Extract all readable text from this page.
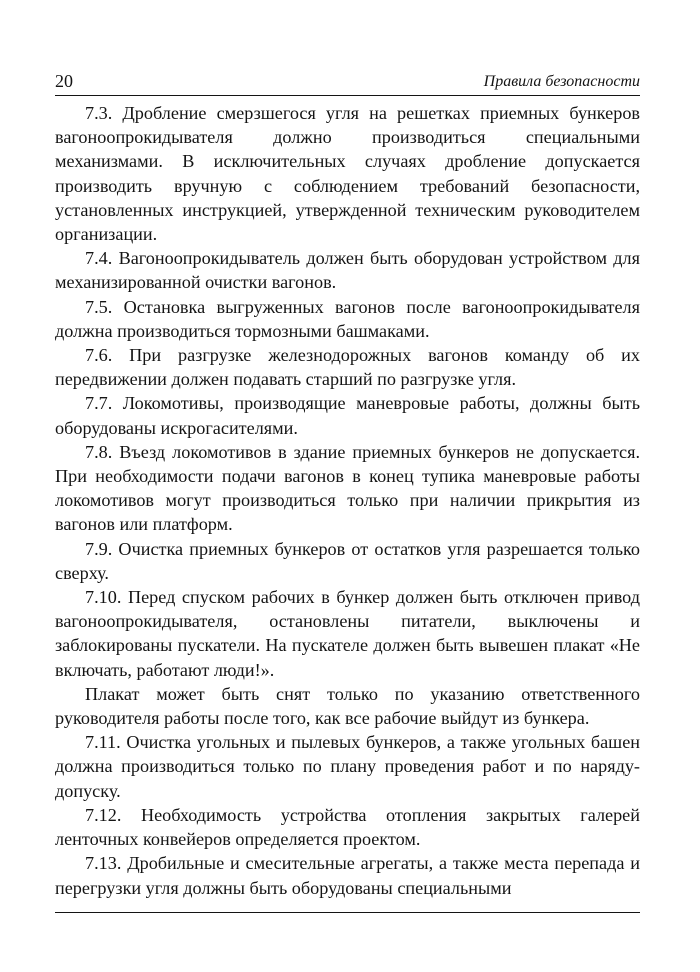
20	Правила безопасности

7.3. Дробление смерзшегося угля на решетках приемных бункеров вагоноопрокидывателя должно производиться специальными механизмами. В исключительных случаях дробление допускается производить вручную с соблюдением требований безопасности, установленных инструкцией, утвержденной техническим руководителем организации.

7.4. Вагоноопрокидыватель должен быть оборудован устройством для механизированной очистки вагонов.

7.5. Остановка выгруженных вагонов после вагоноопрокидывателя должна производиться тормозными башмаками.

7.6. При разгрузке железнодорожных вагонов команду об их передвижении должен подавать старший по разгрузке угля.

7.7. Локомотивы, производящие маневровые работы, должны быть оборудованы искрогасителями.

7.8. Въезд локомотивов в здание приемных бункеров не допускается. При необходимости подачи вагонов в конец тупика маневровые работы локомотивов могут производиться только при наличии прикрытия из вагонов или платформ.

7.9. Очистка приемных бункеров от остатков угля разрешается только сверху.

7.10. Перед спуском рабочих в бункер должен быть отключен привод вагоноопрокидывателя, остановлены питатели, выключены и заблокированы пускатели. На пускателе должен быть вывешен плакат «Не включать, работают люди!».

Плакат может быть снят только по указанию ответственного руководителя работы после того, как все рабочие выйдут из бункера.

7.11. Очистка угольных и пылевых бункеров, а также угольных башен должна производиться только по плану проведения работ и по наряду-допуску.

7.12. Необходимость устройства отопления закрытых галерей ленточных конвейеров определяется проектом.

7.13. Дробильные и смесительные агрегаты, а также места перепада и перегрузки угля должны быть оборудованы специальными
